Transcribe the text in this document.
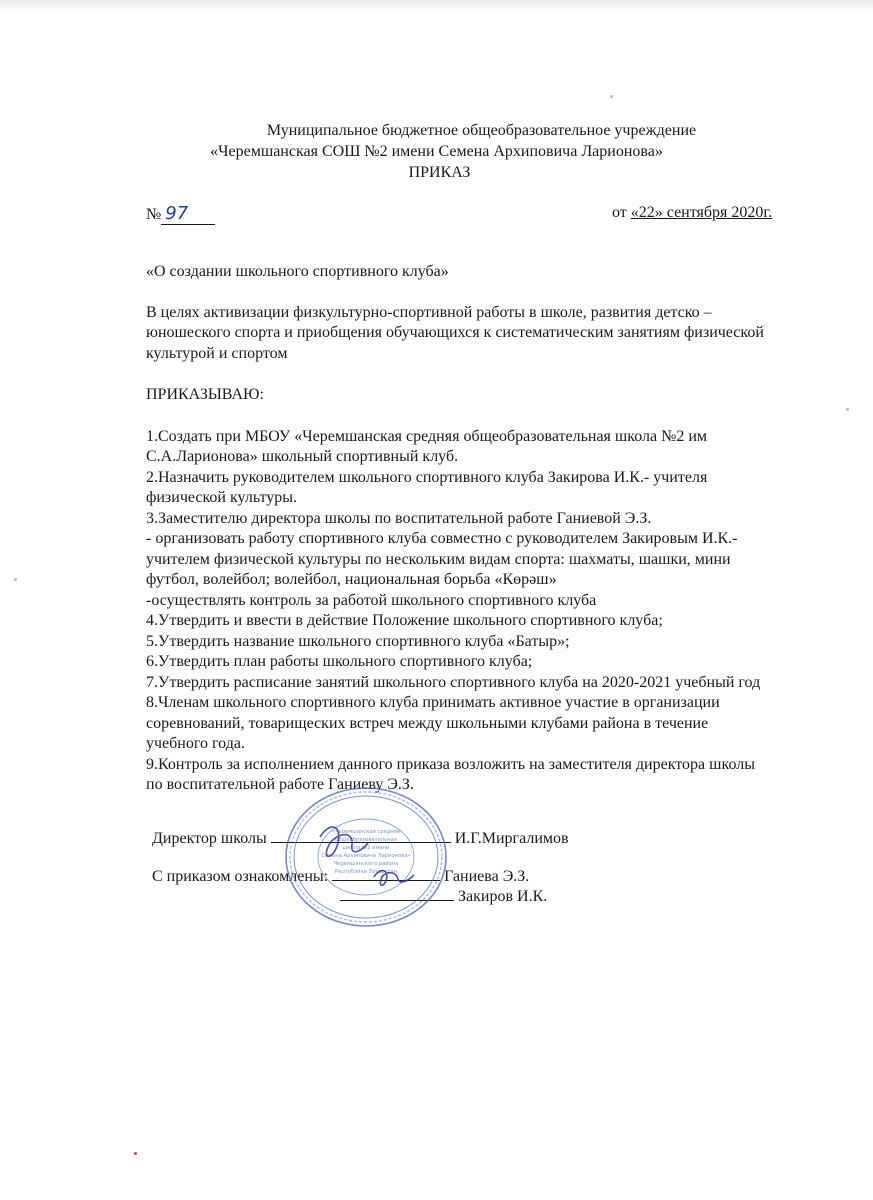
Муниципальное бюджетное общеобразовательное учреждение
«Черемшанская СОШ №2 имени Семена Архиповича Ларионова»
ПРИКАЗ
№ 97	от «22» сентября 2020г.

«О создании школьного спортивного клуба»

В целях активизации физкультурно-спортивной работы в школе, развития детско –

юношеского спорта и приобщения обучающихся к систематическим занятиям физической

культурой и спортом

ПРИКАЗЫВАЮ:

1.Создать при МБОУ «Черемшанская средняя общеобразовательная школа №2 им

С.А.Ларионова» школьный спортивный клуб.

2.Назначить руководителем школьного спортивного клуба Закирова И.К.- учителя

физической культуры.

3.Заместителю директора школы по воспитательной работе Ганиевой Э.З.

- организовать работу спортивного клуба совместно с руководителем Закировым И.К.-

учителем физической культуры по нескольким видам спорта: шахматы, шашки, мини

футбол, волейбол; волейбол, национальная борьба «Көрәш»

-осуществлять контроль за работой школьного спортивного клуба

4.Утвердить и ввести в действие Положение школьного спортивного клуба;

5.Утвердить название школьного спортивного клуба «Батыр»;

6.Утвердить план работы школьного спортивного клуба;

7.Утвердить расписание занятий школьного спортивного клуба на 2020-2021 учебный год

8.Членам школьного спортивного клуба принимать активное участие в организации

соревнований, товарищеских встреч между школьными клубами района в течение

учебного года.

9.Контроль за исполнением данного приказа возложить на заместителя директора школы

по воспитательной работе Ганиеву Э.З.

Директор школы	И.Г.Миргалимов
С приказом ознакомлены:	Ганиева Э.З.
Закиров И.К.
«Черемшанская средняя
общеобразовательная
школа №2 имени
Семена Архиповича Ларионова»
Черемшанского района
Республики Татарстан
